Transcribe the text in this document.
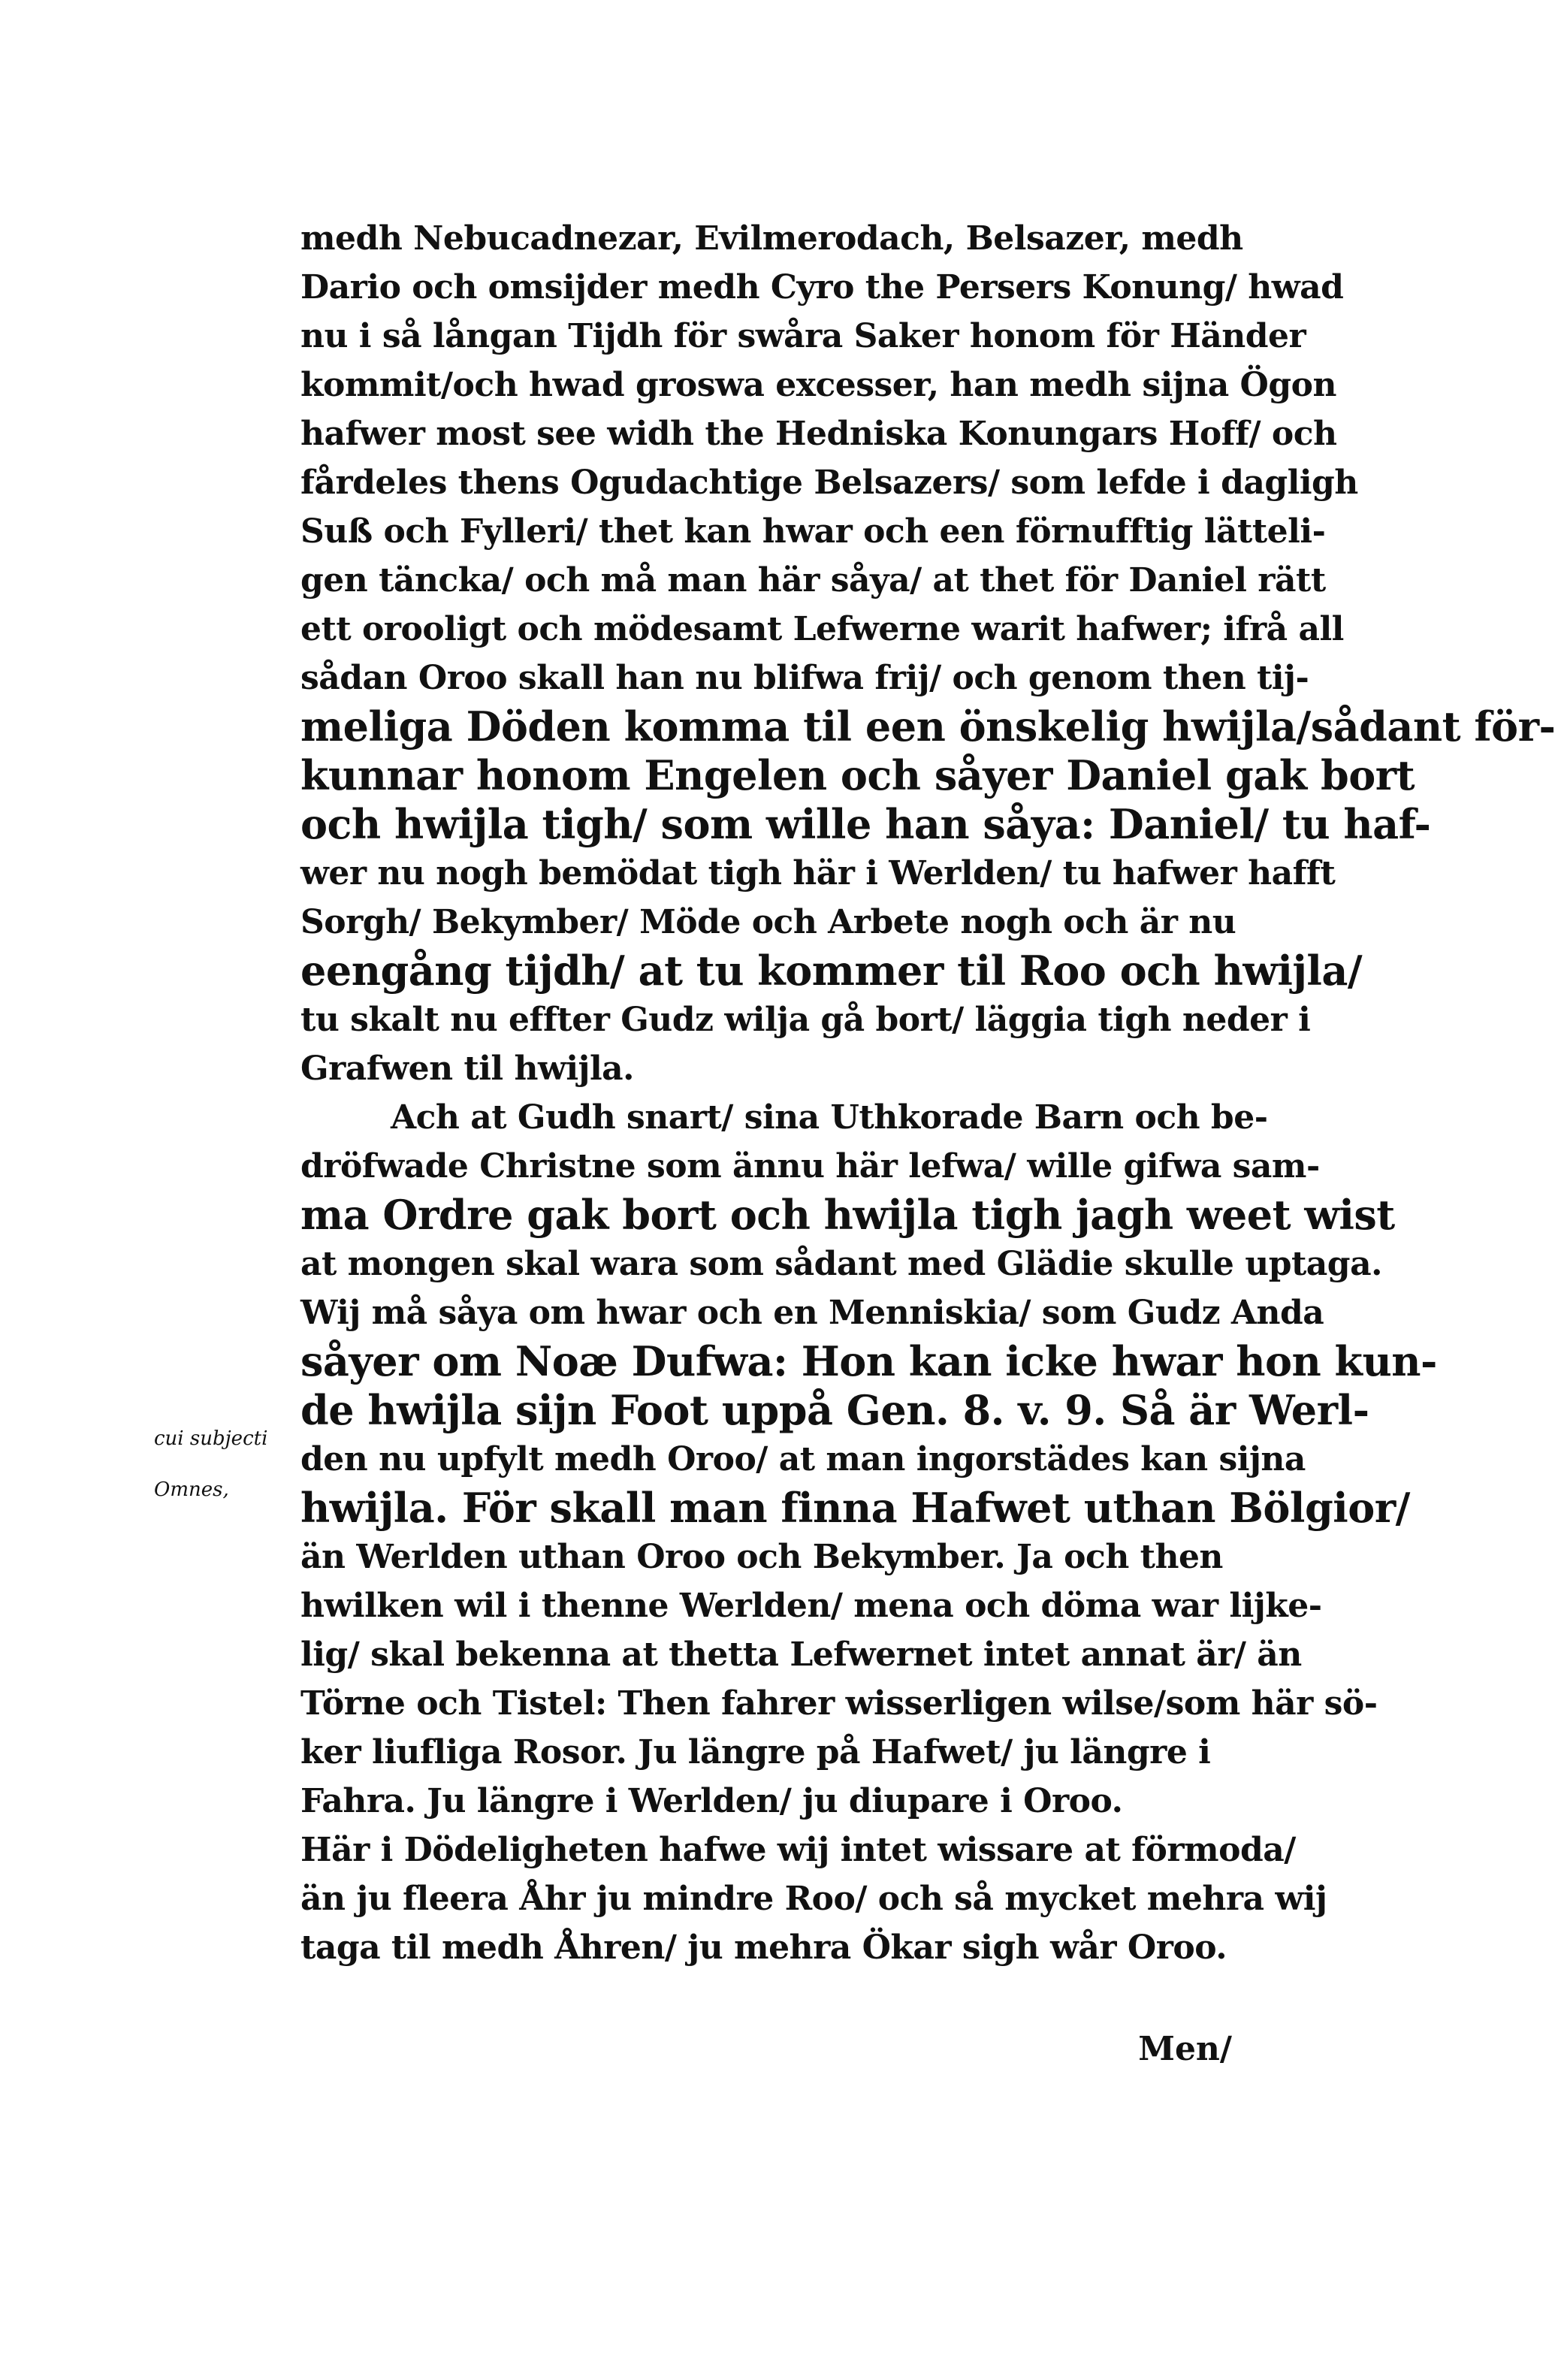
medh Nebucadnezar, Evilmerodach, Belsazer, medh
Dario och omsijder medh Cyro the Persers Konung/ hwad
nu i så långan Tijdh för swåra Saker honom för Händer
kommit/och hwad groswa excesser, han medh sijna Ögon
hafwer most see widh the Hedniska Konungars Hoff/ och
fårdeles thens Ogudachtige Belsazers/ som lefde i dagligh
Suß och Fylleri/ thet kan hwar och een förnufftig lätteli-
gen täncka/ och må man här såya/ at thet för Daniel rätt
ett orooligt och mödesamt Lefwerne warit hafwer; ifrå all
sådan Oroo skall han nu blifwa frij/ och genom then tij-
meliga Döden komma til een önskelig hwijla/sådant för-
kunnar honom Engelen och såyer Daniel gak bort
och hwijla tigh/ som wille han såya: Daniel/ tu haf-
wer nu nogh bemödat tigh här i Werlden/ tu hafwer hafft
Sorgh/ Bekymber/ Möde och Arbete nogh och är nu
eengång tijdh/ at tu kommer til Roo och hwijla/
tu skalt nu effter Gudz wilja gå bort/ läggia tigh neder i
Grafwen til hwijla.
Ach at Gudh snart/ sina Uthkorade Barn och be-
dröfwade Christne som ännu här lefwa/ wille gifwa sam-
ma Ordre gak bort och hwijla tigh jagh weet wist
at mongen skal wara som sådant med Glädie skulle uptaga.
Wij må såya om hwar och en Menniskia/ som Gudz Anda
såyer om Noæ Dufwa: Hon kan icke hwar hon kun-
de hwijla sijn Foot uppå Gen. 8. v. 9. Så är Werl-
den nu upfylt medh Oroo/ at man ingorstädes kan sijna
hwijla. För skall man finna Hafwet uthan Bölgior/
än Werlden uthan Oroo och Bekymber. Ja och then
hwilken wil i thenne Werlden/ mena och döma war lijke-
lig/ skal bekenna at thetta Lefwernet intet annat är/ än
Törne och Tistel: Then fahrer wisserligen wilse/som här sö-
ker liufliga Rosor. Ju längre på Hafwet/ ju längre i
Fahra. Ju längre i Werlden/ ju diupare i Oroo.
Här i Dödeligheten hafwe wij intet wissare at förmoda/
än ju fleera Åhr ju mindre Roo/ och så mycket mehra wij
taga til medh Åhren/ ju mehra Ökar sigh wår Oroo.
cui subjecti
Omnes,
Men/
